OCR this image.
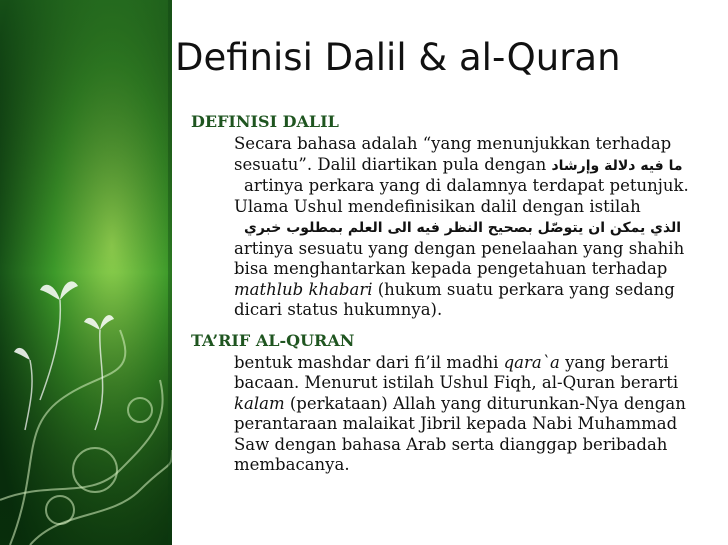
Definisi Dalil & al-Quran
DEFINISI DALIL

Secara bahasa adalah “yang menunjukkan terhadap sesuatu”. Dalil diartikan pula dengan ما فيه دلالة وإرشاد
artinya perkara yang di dalamnya terdapat petunjuk. Ulama Ushul mendefinisikan dalil dengan istilah
الذي يمكن ان يتوصّل بصحيح النظر فيه الى العلم بمطلوب خبري
artinya sesuatu yang dengan penelaahan yang shahih bisa menghantarkan kepada pengetahuan terhadap mathlub khabari (hukum suatu perkara yang sedang dicari status hukumnya).

TA’RIF AL-QURAN

bentuk mashdar dari fi’il madhi qara`a yang berarti bacaan. Menurut istilah Ushul Fiqh, al-Quran berarti kalam (perkataan) Allah yang diturunkan-Nya dengan perantaraan malaikat Jibril kepada Nabi Muhammad Saw dengan bahasa Arab serta dianggap beribadah membacanya.
